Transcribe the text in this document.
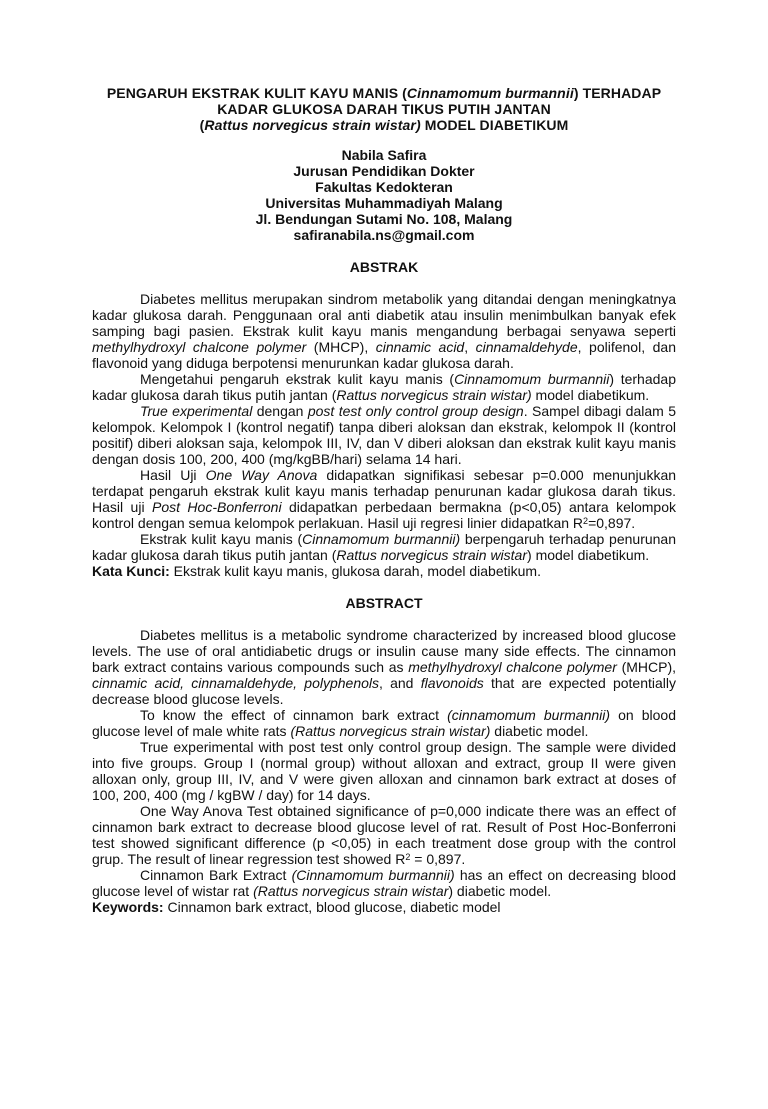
PENGARUH EKSTRAK KULIT KAYU MANIS (Cinnamomum burmannii) TERHADAP
KADAR GLUKOSA DARAH TIKUS PUTIH JANTAN
(Rattus norvegicus strain wistar) MODEL DIABETIKUM
Nabila Safira
Jurusan Pendidikan Dokter
Fakultas Kedokteran
Universitas Muhammadiyah Malang
Jl. Bendungan Sutami No. 108, Malang
safiranabila.ns@gmail.com
ABSTRAK

Diabetes mellitus merupakan sindrom metabolik yang ditandai dengan meningkatnya kadar glukosa darah. Penggunaan oral anti diabetik atau insulin menimbulkan banyak efek samping bagi pasien. Ekstrak kulit kayu manis mengandung berbagai senyawa seperti methylhydroxyl chalcone polymer (MHCP), cinnamic acid, cinnamaldehyde, polifenol, dan flavonoid yang diduga berpotensi menurunkan kadar glukosa darah.

Mengetahui pengaruh ekstrak kulit kayu manis (Cinnamomum burmannii) terhadap kadar glukosa darah tikus putih jantan (Rattus norvegicus strain wistar) model diabetikum.

True experimental dengan post test only control group design. Sampel dibagi dalam 5 kelompok. Kelompok I (kontrol negatif) tanpa diberi aloksan dan ekstrak, kelompok II (kontrol positif) diberi aloksan saja, kelompok III, IV, dan V diberi aloksan dan ekstrak kulit kayu manis dengan dosis 100, 200, 400 (mg/kgBB/hari) selama 14 hari.

Hasil Uji One Way Anova didapatkan signifikasi sebesar p=0.000 menunjukkan terdapat pengaruh ekstrak kulit kayu manis terhadap penurunan kadar glukosa darah tikus. Hasil uji Post Hoc-Bonferroni didapatkan perbedaan bermakna (p<0,05) antara kelompok kontrol dengan semua kelompok perlakuan. Hasil uji regresi linier didapatkan $R^2=0,897$.

Ekstrak kulit kayu manis (Cinnamomum burmannii) berpengaruh terhadap penurunan kadar glukosa darah tikus putih jantan (Rattus norvegicus strain wistar) model diabetikum.

Kata Kunci: Ekstrak kulit kayu manis, glukosa darah, model diabetikum.

ABSTRACT

Diabetes mellitus is a metabolic syndrome characterized by increased blood glucose levels. The use of oral antidiabetic drugs or insulin cause many side effects. The cinnamon bark extract contains various compounds such as methylhydroxyl chalcone polymer (MHCP), cinnamic acid, cinnamaldehyde, polyphenols, and flavonoids that are expected potentially decrease blood glucose levels.

To know the effect of cinnamon bark extract (cinnamomum burmannii) on blood glucose level of male white rats (Rattus norvegicus strain wistar) diabetic model.

True experimental with post test only control group design. The sample were divided into five groups. Group I (normal group) without alloxan and extract, group II were given alloxan only, group III, IV, and V were given alloxan and cinnamon bark extract at doses of 100, 200, 400 (mg / kgBW / day) for 14 days.

One Way Anova Test obtained significance of p=0,000 indicate there was an effect of cinnamon bark extract to decrease blood glucose level of rat. Result of Post Hoc-Bonferroni test showed significant difference (p <0,05) in each treatment dose group with the control grup. The result of linear regression test showed $R^2 = 0,897$.

Cinnamon Bark Extract (Cinnamomum burmannii) has an effect on decreasing blood glucose level of wistar rat (Rattus norvegicus strain wistar) diabetic model.

Keywords: Cinnamon bark extract, blood glucose, diabetic model
